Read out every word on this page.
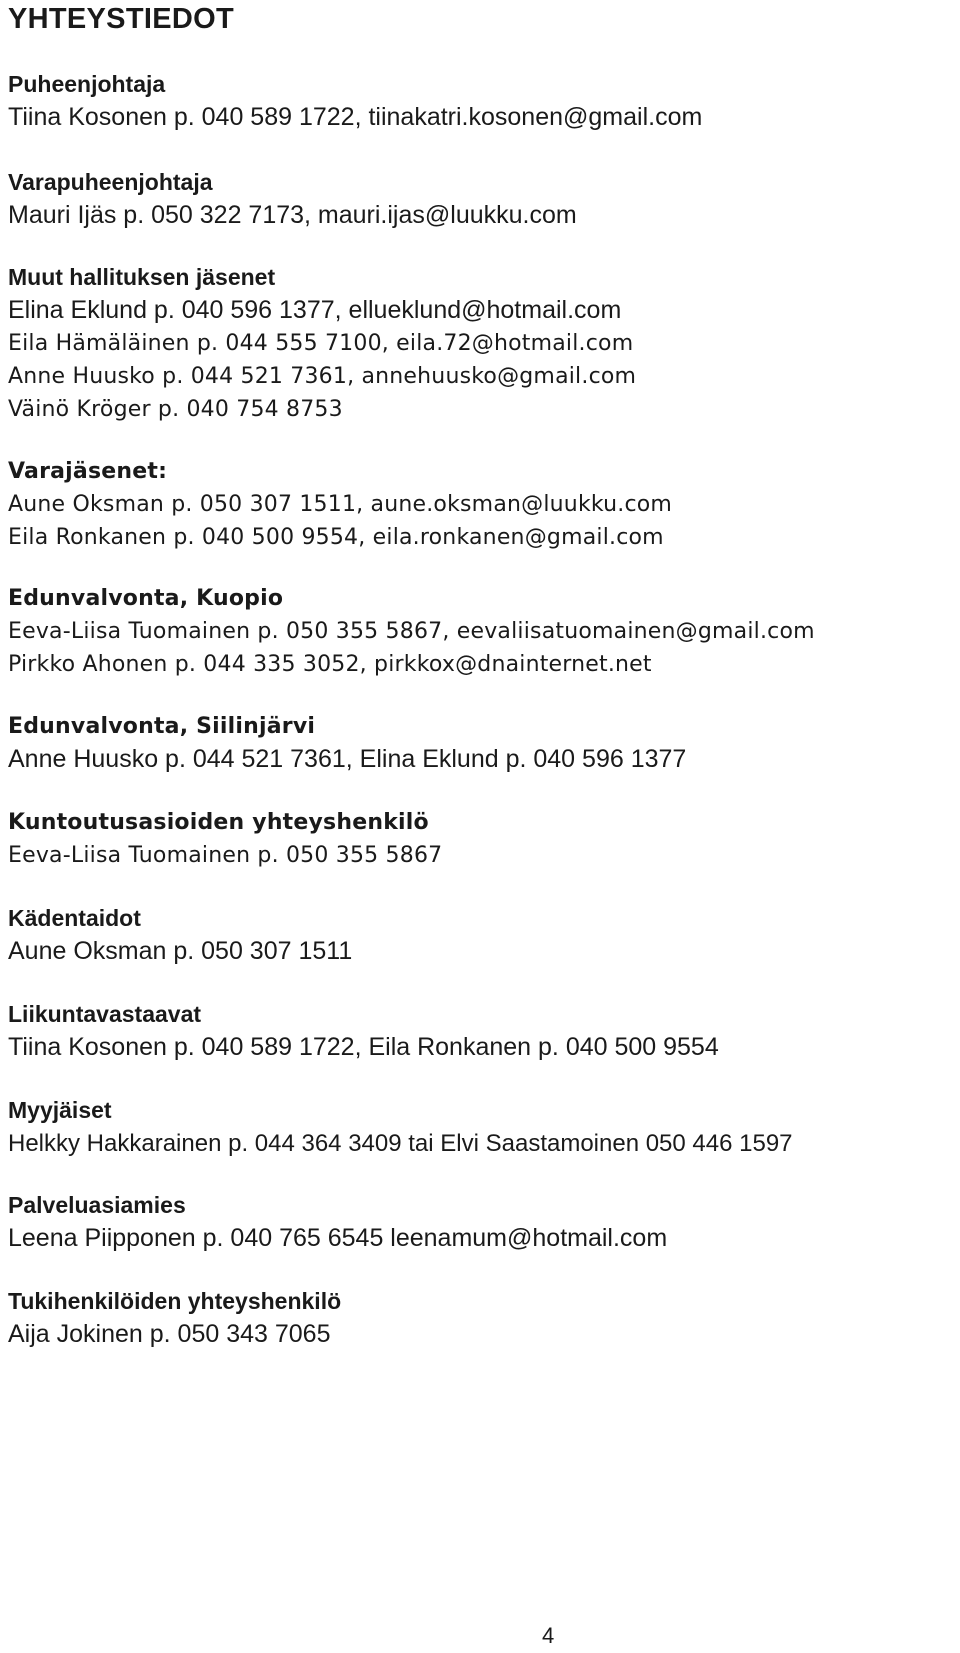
YHTEYSTIEDOT
Puheenjohtaja
Tiina Kosonen p. 040 589 1722, tiinakatri.kosonen@gmail.com
Varapuheenjohtaja
Mauri Ijäs p. 050 322 7173, mauri.ijas@luukku.com
Muut hallituksen jäsenet
Elina Eklund p. 040 596 1377, ellueklund@hotmail.com
Eila Hämäläinen p. 044 555 7100, eila.72@hotmail.com
Anne Huusko p. 044 521 7361, annehuusko@gmail.com
Väinö Kröger p. 040 754 8753
Varajäsenet:
Aune Oksman p. 050 307 1511, aune.oksman@luukku.com
Eila Ronkanen p. 040 500 9554, eila.ronkanen@gmail.com
Edunvalvonta, Kuopio
Eeva-Liisa Tuomainen p. 050 355 5867, eevaliisatuomainen@gmail.com
Pirkko Ahonen p. 044 335 3052, pirkkox@dnainternet.net
Edunvalvonta, Siilinjärvi
Anne Huusko p. 044 521 7361, Elina Eklund p. 040 596 1377
Kuntoutusasioiden yhteyshenkilö
Eeva-Liisa Tuomainen p. 050 355 5867
Kädentaidot
Aune Oksman p. 050 307 1511
Liikuntavastaavat
Tiina Kosonen p. 040 589 1722, Eila Ronkanen p. 040 500 9554
Myyjäiset
Helkky Hakkarainen p. 044 364 3409 tai Elvi Saastamoinen 050 446 1597
Palveluasiamies
Leena Piipponen p. 040 765 6545 leenamum@hotmail.com
Tukihenkilöiden yhteyshenkilö
Aija Jokinen p. 050 343 7065
4
